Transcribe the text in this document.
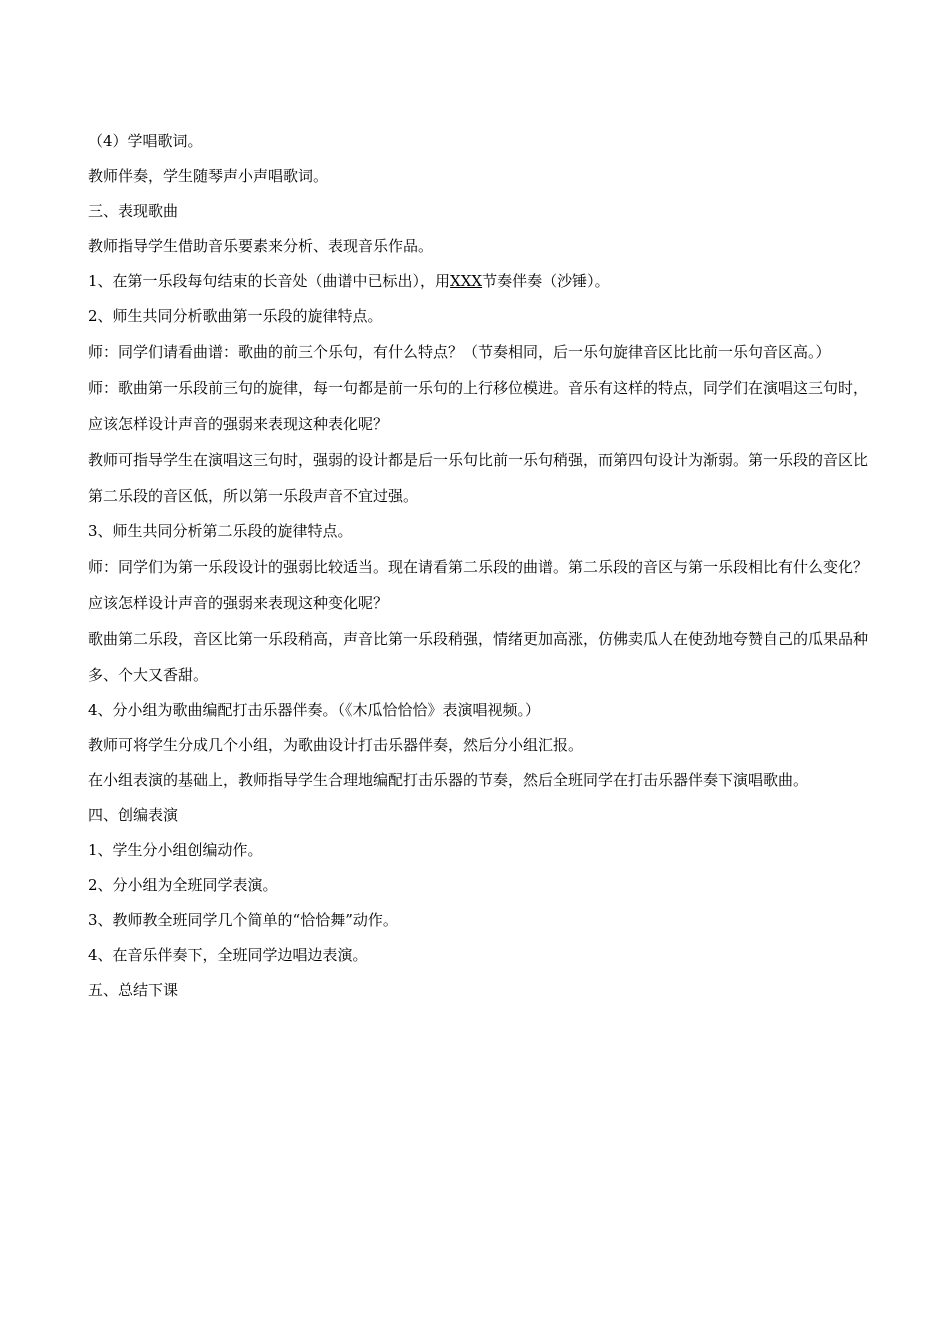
（4）学唱歌词。

教师伴奏，学生随琴声小声唱歌词。

三、表现歌曲

教师指导学生借助音乐要素来分析、表现音乐作品。

1、在第一乐段每句结束的长音处（曲谱中已标出），用XXX节奏伴奏（沙锤）。

2、师生共同分析歌曲第一乐段的旋律特点。

师：同学们请看曲谱：歌曲的前三个乐句，有什么特点？（节奏相同，后一乐句旋律音区比比前一乐句音区高。）

师：歌曲第一乐段前三句的旋律，每一句都是前一乐句的上行移位模进。音乐有这样的特点，同学们在演唱这三句时，应该怎样设计声音的强弱来表现这种表化呢？

教师可指导学生在演唱这三句时，强弱的设计都是后一乐句比前一乐句稍强，而第四句设计为渐弱。第一乐段的音区比第二乐段的音区低，所以第一乐段声音不宜过强。

3、师生共同分析第二乐段的旋律特点。

师：同学们为第一乐段设计的强弱比较适当。现在请看第二乐段的曲谱。第二乐段的音区与第一乐段相比有什么变化？应该怎样设计声音的强弱来表现这种变化呢？

歌曲第二乐段，音区比第一乐段稍高，声音比第一乐段稍强，情绪更加高涨，仿佛卖瓜人在使劲地夸赞自己的瓜果品种多、个大又香甜。

4、分小组为歌曲编配打击乐器伴奏。（《木瓜恰恰恰》表演唱视频。）

教师可将学生分成几个小组，为歌曲设计打击乐器伴奏，然后分小组汇报。

在小组表演的基础上，教师指导学生合理地编配打击乐器的节奏，然后全班同学在打击乐器伴奏下演唱歌曲。

四、创编表演

1、学生分小组创编动作。

2、分小组为全班同学表演。

3、教师教全班同学几个简单的“恰恰舞”动作。

4、在音乐伴奏下，全班同学边唱边表演。

五、总结下课
